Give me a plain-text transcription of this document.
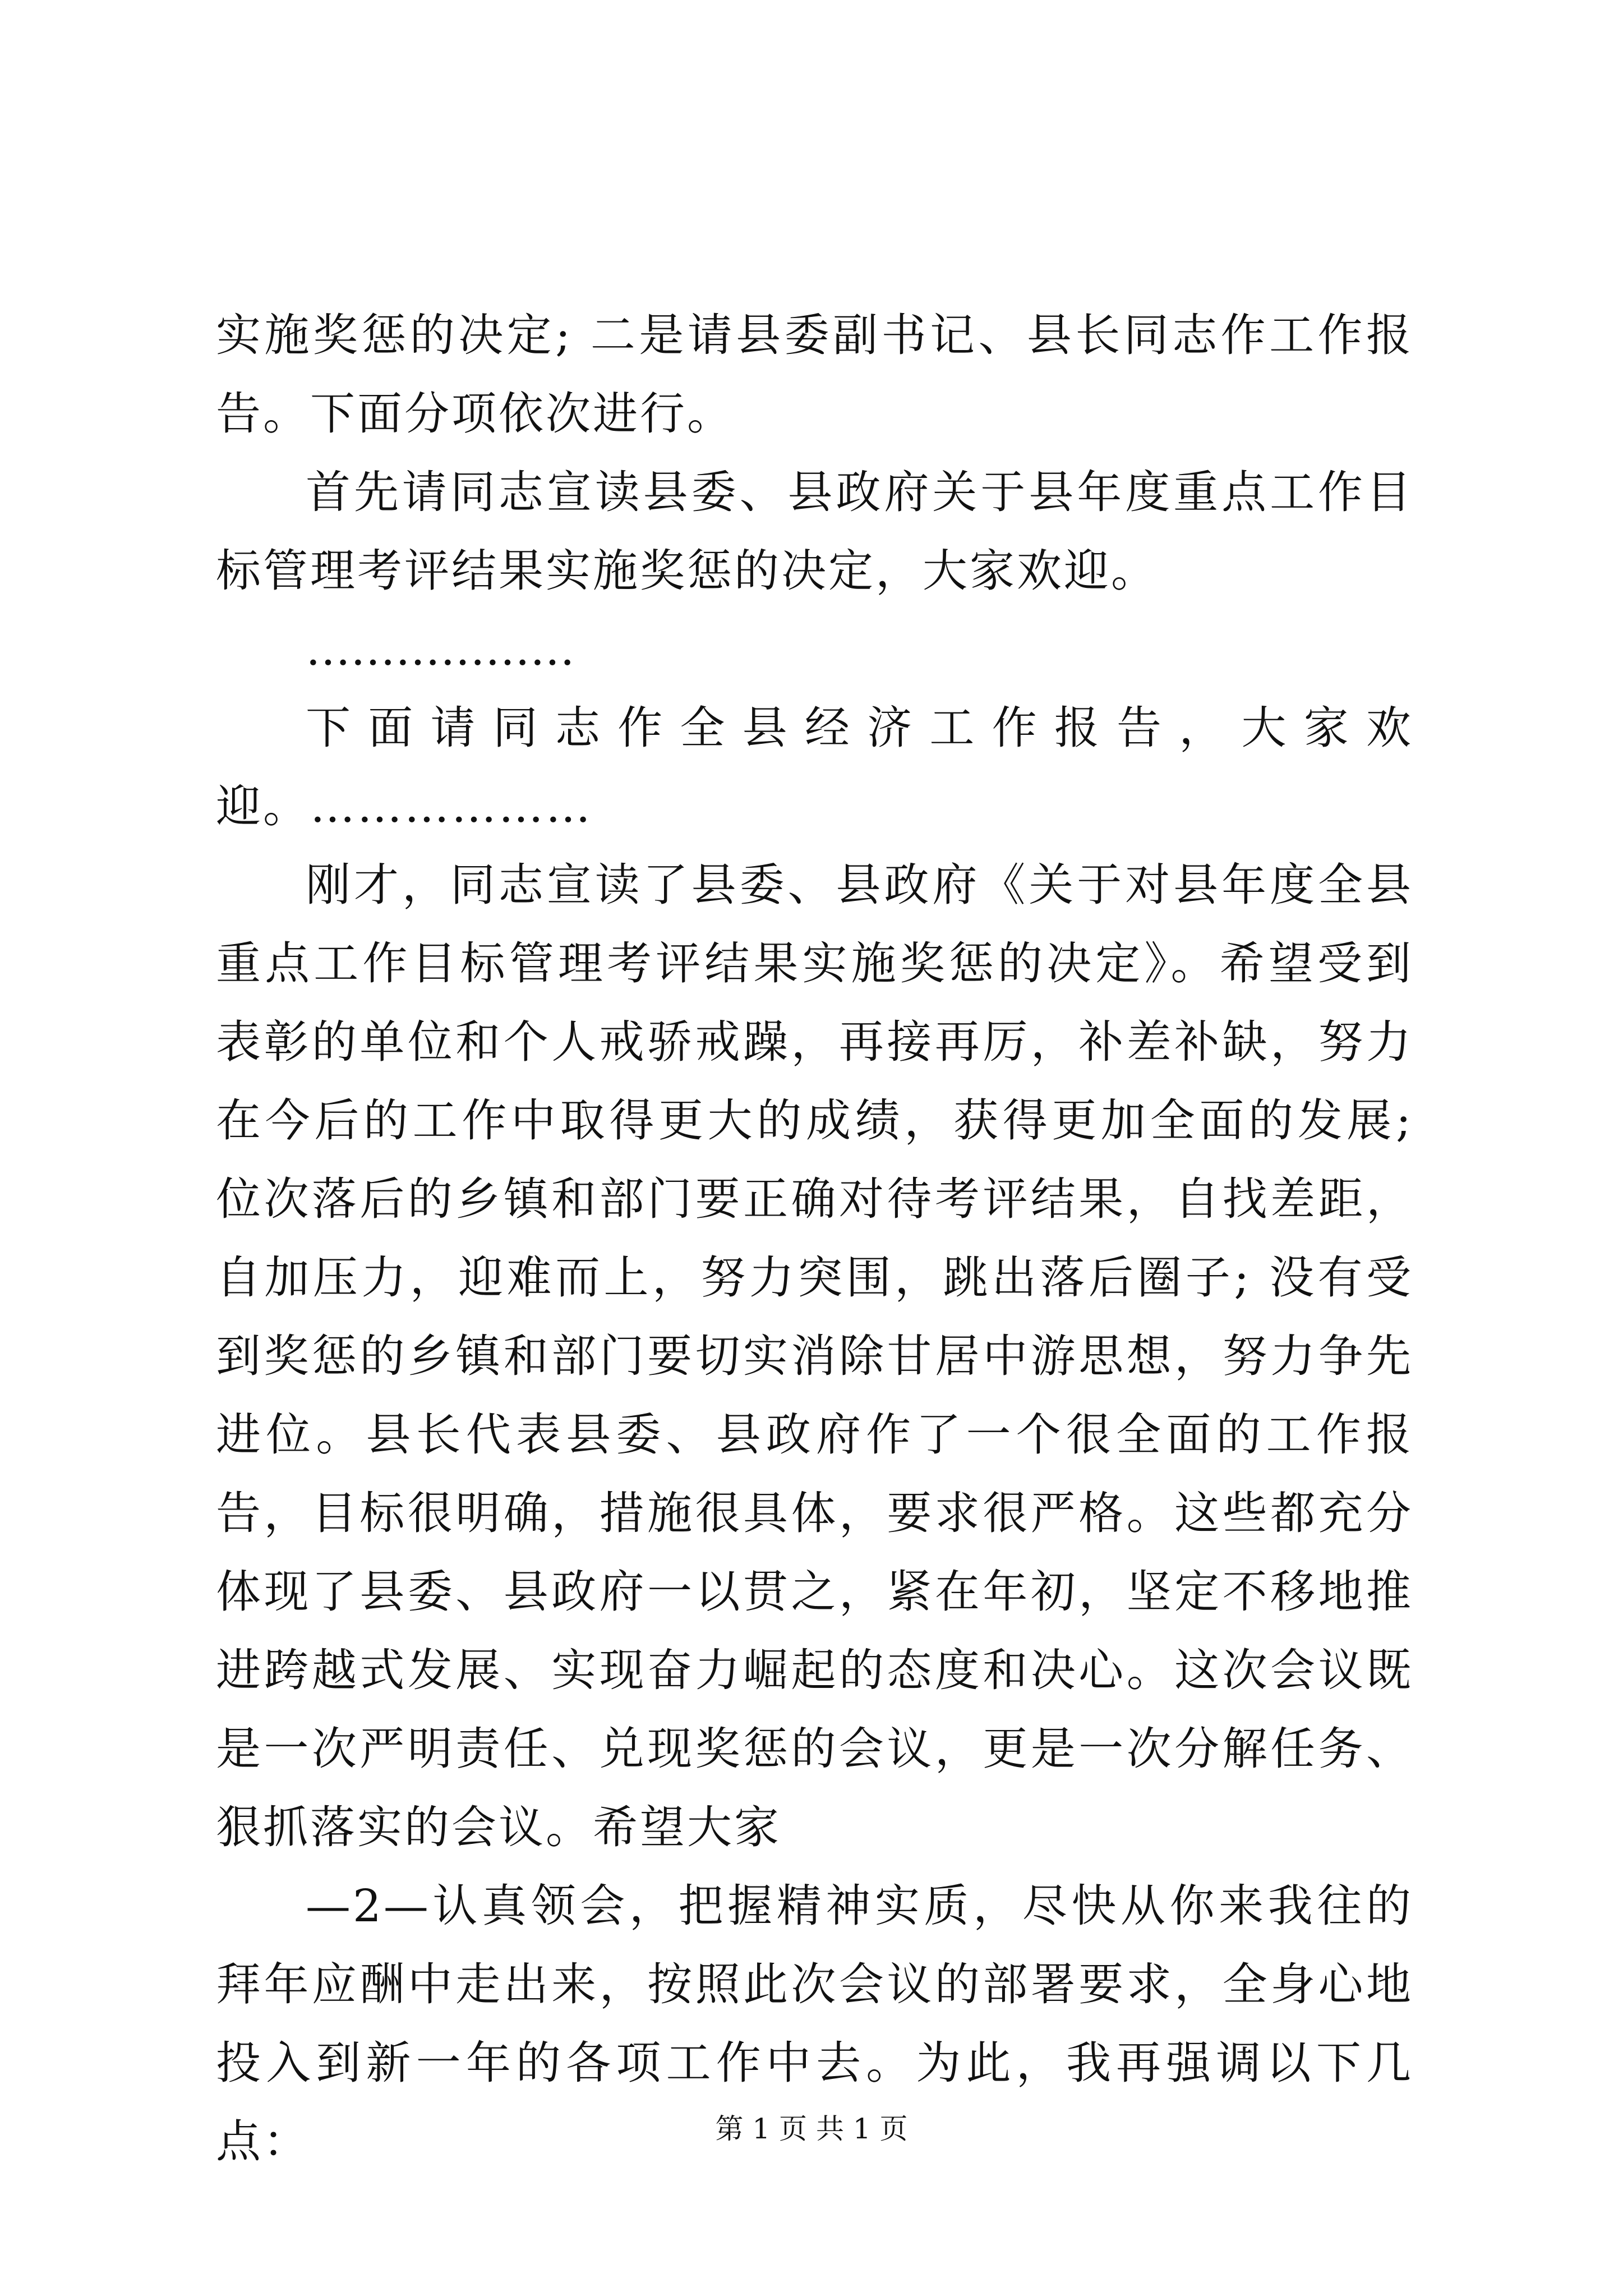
实施奖惩的决定; 二是请县委副书记、县长同志作工作报告。下面分项依次进行。

首先请同志宣读县委、县政府关于县年度重点工作目标管理考评结果实施奖惩的决定，大家欢迎。

………………

下面请同志作全县经济工作报告，大家欢迎。………………

刚才，同志宣读了县委、县政府《关于对县年度全县重点工作目标管理考评结果实施奖惩的决定》。希望受到表彰的单位和个人戒骄戒躁，再接再厉，补差补缺，努力在今后的工作中取得更大的成绩，获得更加全面的发展; 位次落后的乡镇和部门要正确对待考评结果，自找差距，自加压力，迎难而上，努力突围，跳出落后圈子; 没有受到奖惩的乡镇和部门要切实消除甘居中游思想，努力争先进位。县长代表县委、县政府作了一个很全面的工作报告，目标很明确，措施很具体，要求很严格。这些都充分体现了县委、县政府一以贯之，紧在年初，坚定不移地推进跨越式发展、实现奋力崛起的态度和决心。这次会议既是一次严明责任、兑现奖惩的会议，更是一次分解任务、狠抓落实的会议。希望大家

—2—认真领会，把握精神实质，尽快从你来我往的拜年应酬中走出来，按照此次会议的部署要求，全身心地投入到新一年的各项工作中去。为此，我再强调以下几点：	第 1 页 共 1 页
